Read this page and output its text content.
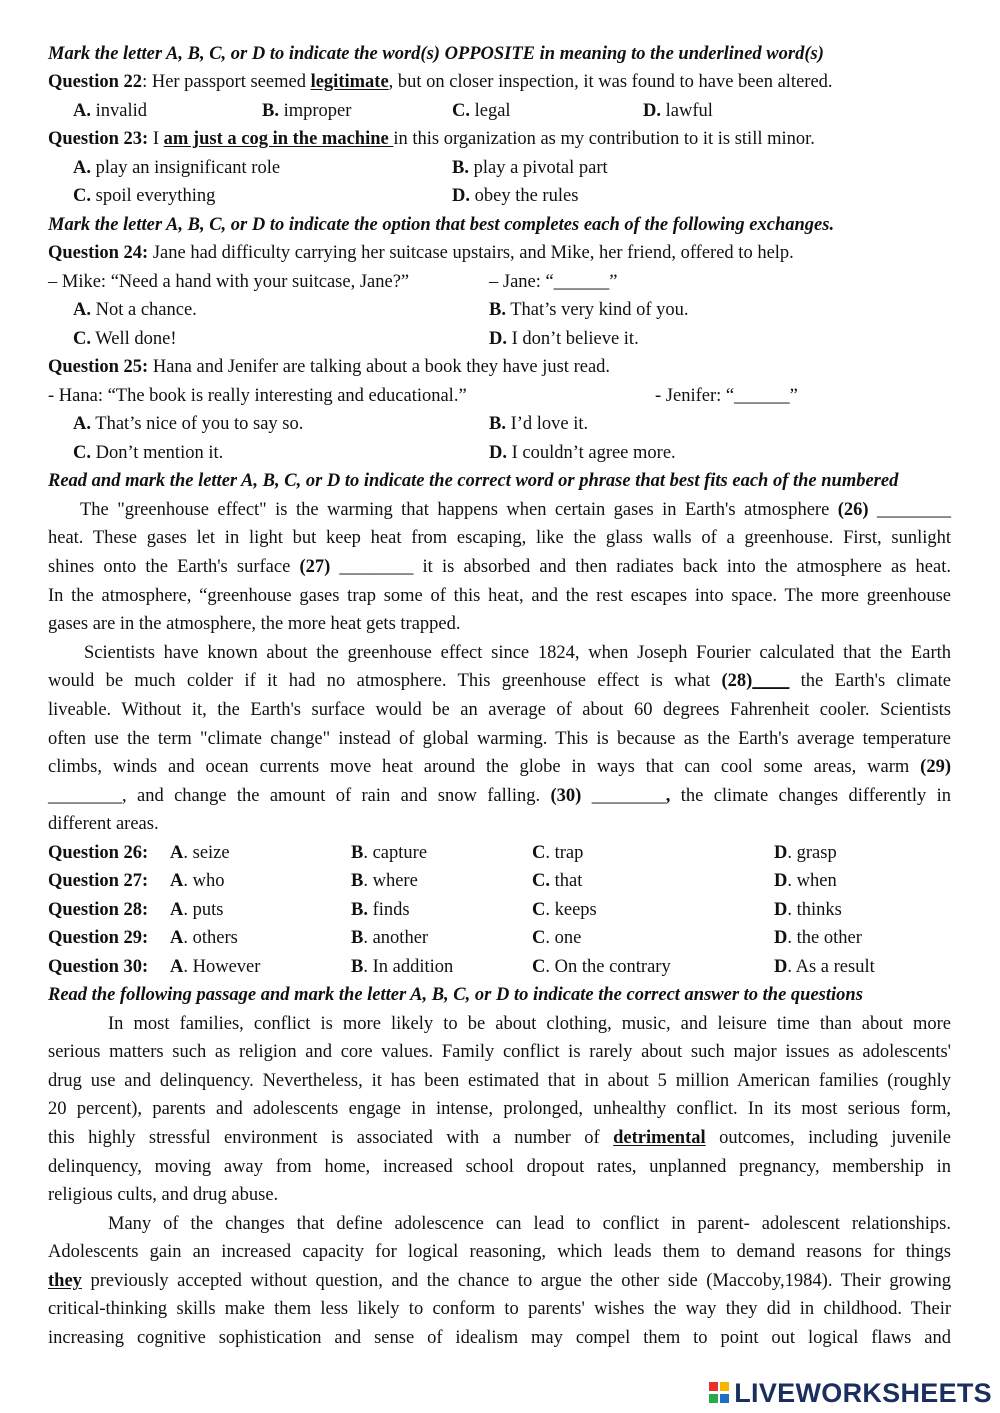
Mark the letter A, B, C, or D to indicate the word(s) OPPOSITE in meaning to the underlined word(s)
Question 22: Her passport seemed legitimate, but on closer inspection, it was found to have been altered.
A. invalid	B. improper	C. legal	D. lawful
Question 23: I am just a cog in the machine in this organization as my contribution to it is still minor.
A. play an insignificant role	B. play a pivotal part
C. spoil everything	D. obey the rules
Mark the letter A, B, C, or D to indicate the option that best completes each of the following exchanges.
Question 24: Jane had difficulty carrying her suitcase upstairs, and Mike, her friend, offered to help.
– Mike: “Need a hand with your suitcase, Jane?”	– Jane: “______”
A. Not a chance.	B. That’s very kind of you.
C. Well done!	D. I don’t believe it.
Question 25: Hana and Jenifer are talking about a book they have just read.
- Hana: “The book is really interesting and educational.”	- Jenifer: “______”
A. That’s nice of you to say so.	B. I’d love it.
C. Don’t mention it.	D. I couldn’t agree more.
Read and mark the letter A, B, C, or D to indicate the correct word or phrase that best fits each of the numbered
The "greenhouse effect" is the warming that happens when certain gases in Earth's atmosphere (26) ________
heat. These gases let in light but keep heat from escaping, like the glass walls of a greenhouse. First, sunlight
shines onto the Earth's surface (27) ________ it is absorbed and then radiates back into the atmosphere as heat.
In the atmosphere, “greenhouse gases trap some of this heat, and the rest escapes into space. The more greenhouse
gases are in the atmosphere, the more heat gets trapped.
Scientists have known about the greenhouse effect since 1824, when Joseph Fourier calculated that the Earth
would be much colder if it had no atmosphere. This greenhouse effect is what (28)____ the Earth's climate
liveable. Without it, the Earth's surface would be an average of about 60 degrees Fahrenheit cooler. Scientists
often use the term "climate change" instead of global warming. This is because as the Earth's average temperature
climbs, winds and ocean currents move heat around the globe in ways that can cool some areas, warm (29)
________, and change the amount of rain and snow falling. (30) ________, the climate changes differently in
different areas.
Question 26: A. seize	B. capture	C. trap	D. grasp
Question 27: A. who	B. where	C. that	D. when
Question 28: A. puts	B. finds	C. keeps	D. thinks
Question 29: A. others	B. another	C. one	D. the other
Question 30: A. However	B. In addition	C. On the contrary	D. As a result
Read the following passage and mark the letter A, B, C, or D to indicate the correct answer to the questions
In most families, conflict is more likely to be about clothing, music, and leisure time than about more
serious matters such as religion and core values. Family conflict is rarely about such major issues as adolescents'
drug use and delinquency. Nevertheless, it has been estimated that in about 5 million American families (roughly
20 percent), parents and adolescents engage in intense, prolonged, unhealthy conflict. In its most serious form,
this highly stressful environment is associated with a number of detrimental outcomes, including juvenile
delinquency, moving away from home, increased school dropout rates, unplanned pregnancy, membership in
religious cults, and drug abuse.
Many of the changes that define adolescence can lead to conflict in parent- adolescent relationships.
Adolescents gain an increased capacity for logical reasoning, which leads them to demand reasons for things
they previously accepted without question, and the chance to argue the other side (Maccoby,1984). Their growing
critical-thinking skills make them less likely to conform to parents' wishes the way they did in childhood. Their
increasing cognitive sophistication and sense of idealism may compel them to point out logical flaws and
LIVEWORKSHEETS
